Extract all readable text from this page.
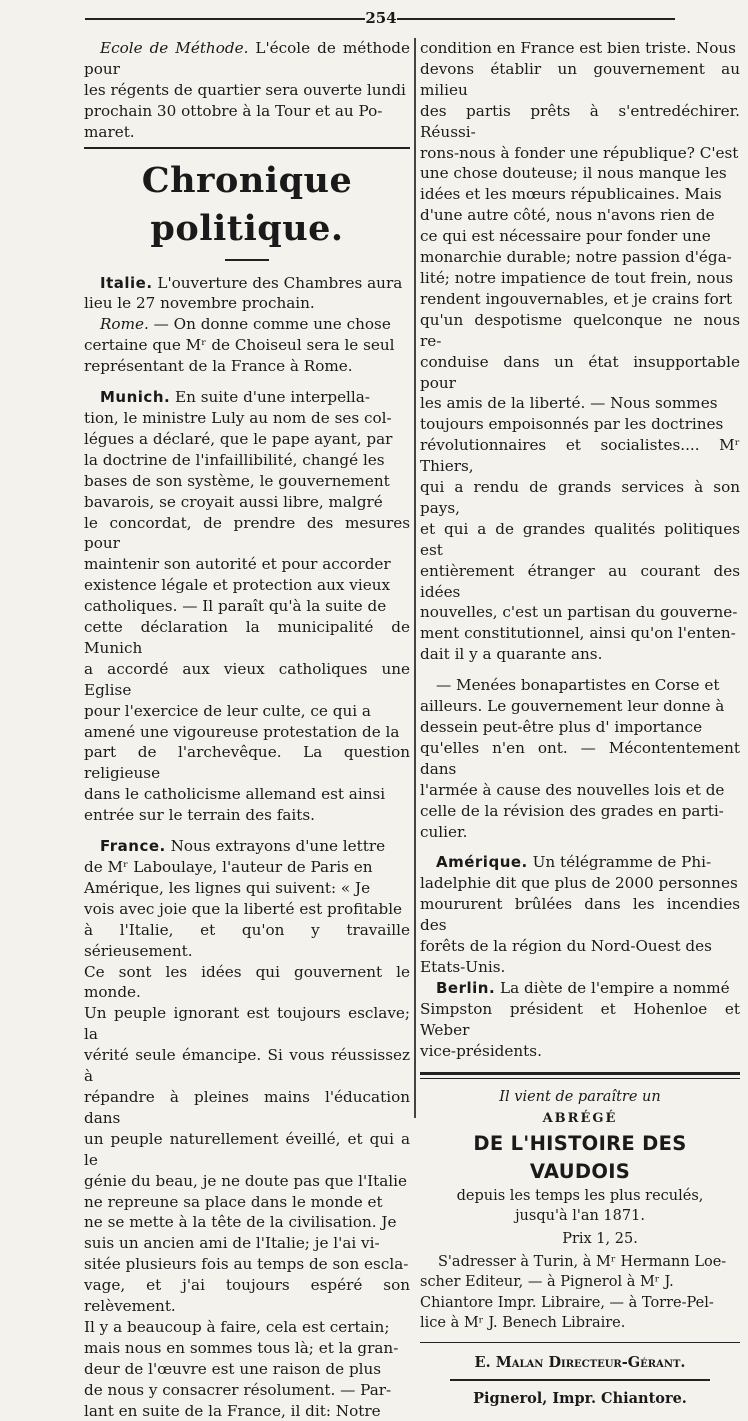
254

Ecole de Méthode. L'école de méthode pour

les régents de quartier sera ouverte lundi

prochain 30 ottobre à la Tour et au Po-

maret.

Chronique politique.

Italie. L'ouverture des Chambres aura

lieu le 27 novembre prochain.

Rome. — On donne comme une chose

certaine que Mʳ de Choiseul sera le seul

représentant de la France à Rome.

Munich. En suite d'une interpella-

tion, le ministre Luly au nom de ses col-

légues a déclaré, que le pape ayant, par

la doctrine de l'infaillibilité, changé les

bases de son système, le gouvernement

bavarois, se croyait aussi libre, malgré

le concordat, de prendre des mesures pour

maintenir son autorité et pour accorder

existence légale et protection aux vieux

catholiques. — Il paraît qu'à la suite de

cette déclaration la municipalité de Munich

a accordé aux vieux catholiques une Eglise

pour l'exercice de leur culte, ce qui a

amené une vigoureuse protestation de la

part de l'archevêque. La question religieuse

dans le catholicisme allemand est ainsi

entrée sur le terrain des faits.

France. Nous extrayons d'une lettre

de Mʳ Laboulaye, l'auteur de Paris en

Amérique, les lignes qui suivent: « Je

vois avec joie que la liberté est profitable

à l'Italie, et qu'on y travaille sérieusement.

Ce sont les idées qui gouvernent le monde.

Un peuple ignorant est toujours esclave; la

vérité seule émancipe. Si vous réussissez à

répandre à pleines mains l'éducation dans

un peuple naturellement éveillé, et qui a le

génie du beau, je ne doute pas que l'Italie

ne repreune sa place dans le monde et

ne se mette à la tête de la civilisation. Je

suis un ancien ami de l'Italie; je l'ai vi-

sitée plusieurs fois au temps de son escla-

vage, et j'ai toujours espéré son relèvement.

Il y a beaucoup à faire, cela est certain;

mais nous en sommes tous là; et la gran-

deur de l'œuvre est une raison de plus

de nous y consacrer résolument. — Par-

lant en suite de la France, il dit: Notre

condition en France est bien triste. Nous

devons établir un gouvernement au milieu

des partis prêts à s'entredéchirer. Réussi-

rons-nous à fonder une république? C'est

une chose douteuse; il nous manque les

idées et les mœurs républicaines. Mais

d'une autre côté, nous n'avons rien de

ce qui est nécessaire pour fonder une

monarchie durable; notre passion d'éga-

lité; notre impatience de tout frein, nous

rendent ingouvernables, et je crains fort

qu'un despotisme quelconque ne nous re-

conduise dans un état insupportable pour

les amis de la liberté. — Nous sommes

toujours empoisonnés par les doctrines

révolutionnaires et socialistes.... Mʳ Thiers,

qui a rendu de grands services à son pays,

et qui a de grandes qualités politiques est

entièrement étranger au courant des idées

nouvelles, c'est un partisan du gouverne-

ment constitutionnel, ainsi qu'on l'enten-

dait il y a quarante ans.

— Menées bonapartistes en Corse et

ailleurs. Le gouvernement leur donne à

dessein peut-être plus d' importance

qu'elles n'en ont. — Mécontentement dans

l'armée à cause des nouvelles lois et de

celle de la révision des grades en parti-

culier.

Amérique. Un télégramme de Phi-

ladelphie dit que plus de 2000 personnes

moururent brûlées dans les incendies des

forêts de la région du Nord-Ouest des

Etats-Unis.

Berlin. La diète de l'empire a nommé

Simpston président et Hohenloe et Weber

vice-présidents.

Il vient de paraître un
ABRÉGÉ
DE L'HISTOIRE DES VAUDOIS
depuis les temps les plus reculés,
jusqu'à l'an 1871.
Prix 1, 25.

S'adresser à Turin, à Mʳ Hermann Loe-

scher Editeur, — à Pignerol à Mʳ J.

Chiantore Impr. Libraire, — à Torre-Pel-

lice à Mʳ J. Benech Libraire.

E. Malan Directeur-Gérant.
Pignerol, Impr. Chiantore.
